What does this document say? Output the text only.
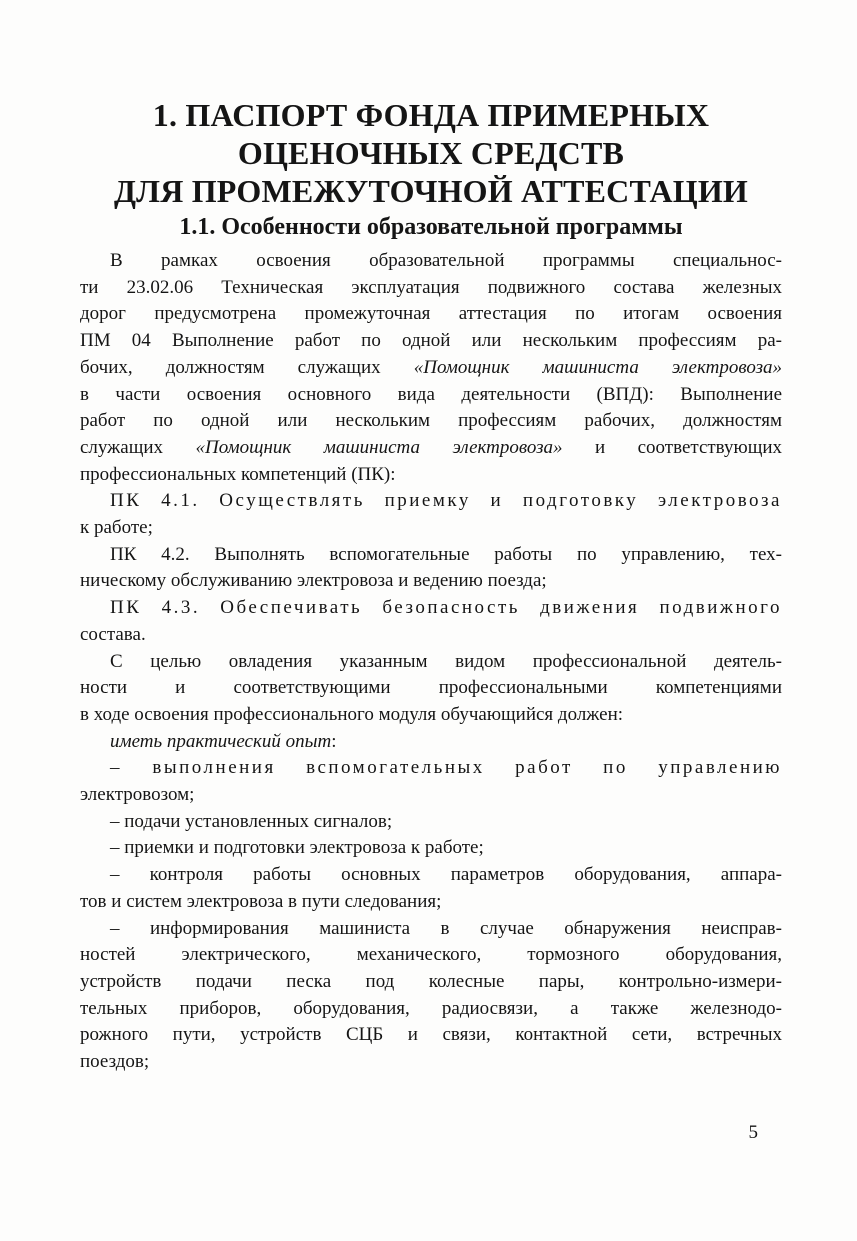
1. ПАСПОРТ ФОНДА ПРИМЕРНЫХ
ОЦЕНОЧНЫХ СРЕДСТВ
ДЛЯ ПРОМЕЖУТОЧНОЙ АТТЕСТАЦИИ
1.1. Особенности образовательной программы
В рамках освоения образовательной программы специальнос-
ти 23.02.06 Техническая эксплуатация подвижного состава железных
дорог предусмотрена промежуточная аттестация по итогам освоения
ПМ 04 Выполнение работ по одной или нескольким профессиям ра-
бочих, должностям служащих «Помощник машиниста электровоза»
в части освоения основного вида деятельности (ВПД): Выполнение
работ по одной или нескольким профессиям рабочих, должностям
служащих «Помощник машиниста электровоза» и соответствующих
профессиональных компетенций (ПК):
ПК 4.1. Осуществлять приемку и подготовку электровоза
к работе;
ПК 4.2. Выполнять вспомогательные работы по управлению, тех-
ническому обслуживанию электровоза и ведению поезда;
ПК 4.3. Обеспечивать безопасность движения подвижного
состава.
С целью овладения указанным видом профессиональной деятель-
ности и соответствующими профессиональными компетенциями
в ходе освоения профессионального модуля обучающийся должен:
иметь практический опыт:
– выполнения вспомогательных работ по управлению
электровозом;
– подачи установленных сигналов;
– приемки и подготовки электровоза к работе;
– контроля работы основных параметров оборудования, аппара-
тов и систем электровоза в пути следования;
– информирования машиниста в случае обнаружения неисправ-
ностей электрического, механического, тормозного оборудования,
устройств подачи песка под колесные пары, контрольно-измери-
тельных приборов, оборудования, радиосвязи, а также железнодо-
рожного пути, устройств СЦБ и связи, контактной сети, встречных
поездов;
5
